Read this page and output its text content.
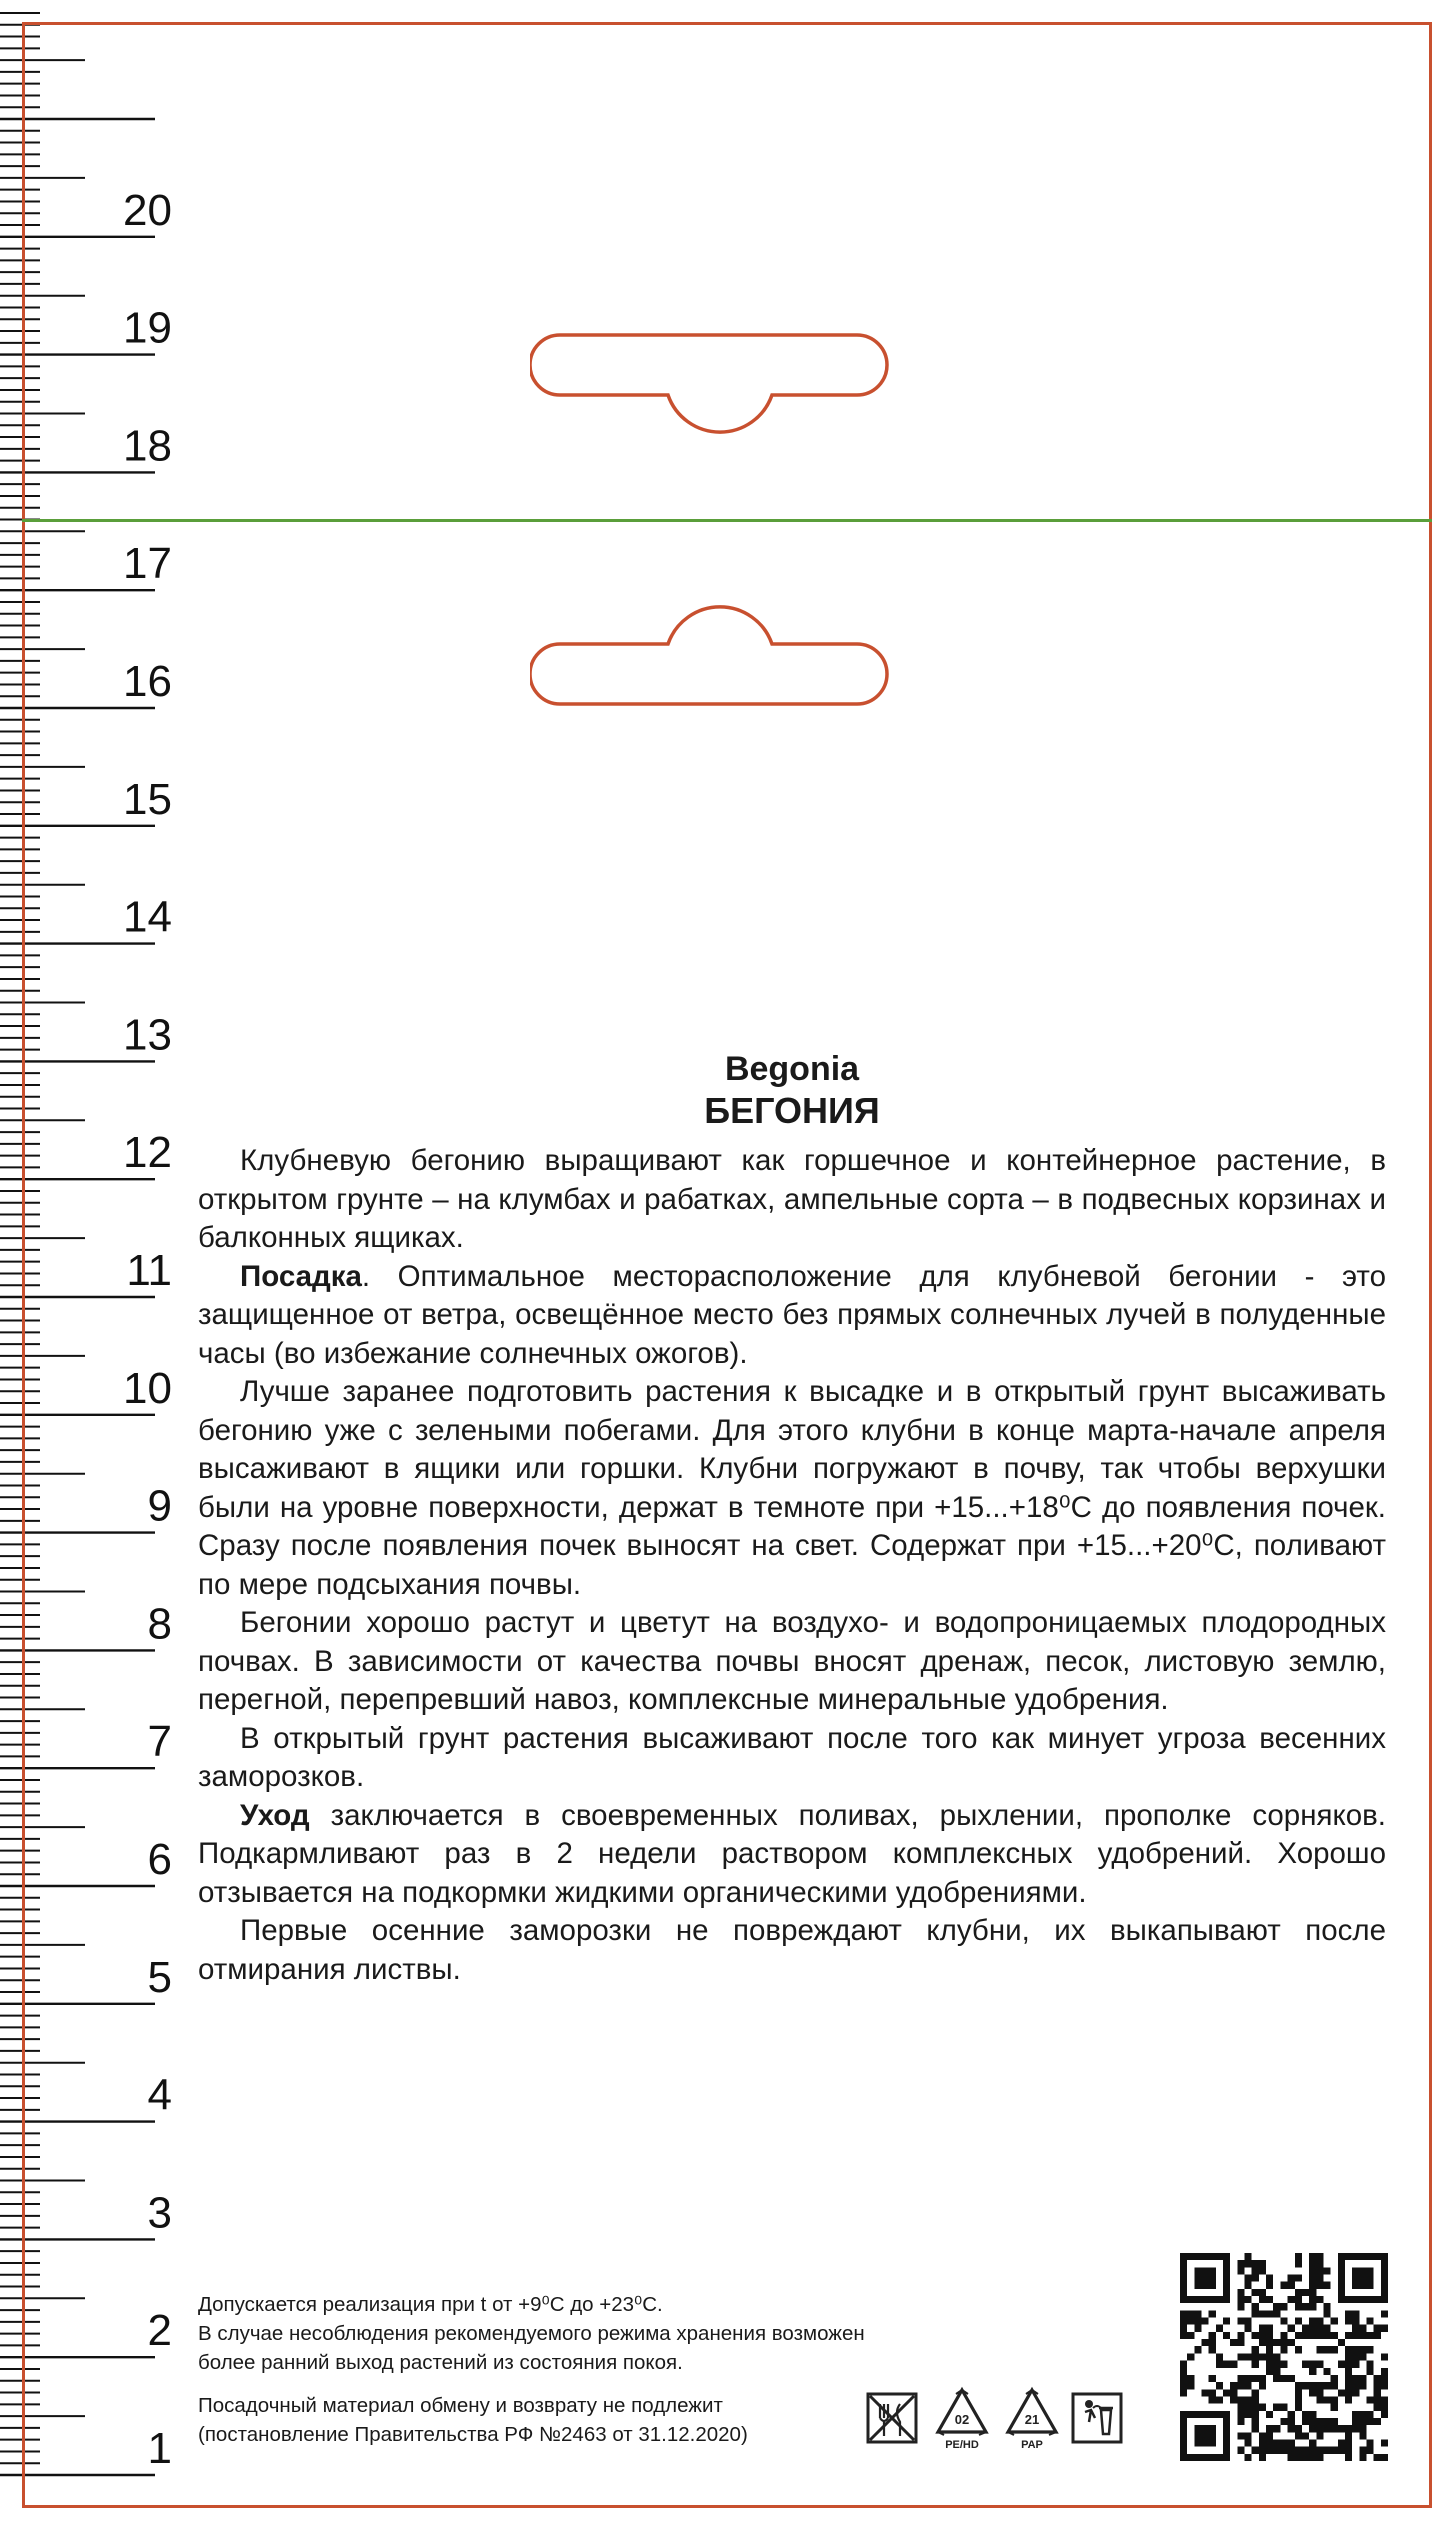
20
19
18
17
16
15
14
13
12
11
10
9
8
7
6
5
4
3
2
1
Begonia
БЕГОНИЯ

Клубневую бегонию выращивают как горшечное и контейнерное растение, в открытом грунте – на клумбах и рабатках, ампельные сорта – в подвесных корзинах и балконных ящиках.

Посадка. Оптимальное месторасположение для клубневой бегонии - это защищенное от ветра, освещённое место без прямых солнечных лучей в полуденные часы (во избежание солнечных ожогов).

Лучше заранее подготовить растения к высадке и в открытый грунт высаживать бегонию уже с зелеными побегами. Для этого клубни в конце марта-начале апреля высаживают в ящики или горшки. Клубни погружают в почву, так чтобы верхушки были на уровне поверхности, держат в темноте при +15...+18⁰C до появления почек. Сразу после появления почек выносят на свет. Содержат при +15...+20⁰C, поливают по мере подсыхания почвы.

Бегонии хорошо растут и цветут на воздухо- и водопроницаемых плодородных почвах. В зависимости от качества почвы вносят дренаж, песок, листовую землю, перегной, перепревший навоз, комплексные минеральные удобрения.

В открытый грунт растения высаживают после того как минует угроза весенних заморозков.

Уход заключается в своевременных поливах, рыхлении, прополке сорняков. Подкармливают раз в 2 недели раствором комплексных удобрений. Хорошо отзывается на подкормки жидкими органическими удобрениями.

Первые осенние заморозки не повреждают клубни, их выкапывают после отмирания листвы.

Допускается реализация при t от +9⁰C до +23⁰C.
В случае несоблюдения рекомендуемого режима хранения возможен
более ранний выход растений из состояния покоя.
Посадочный материал обмену и возврату не подлежит
(постановление Правительства РФ №2463 от 31.12.2020)
02
PE/HD
21
PAP
